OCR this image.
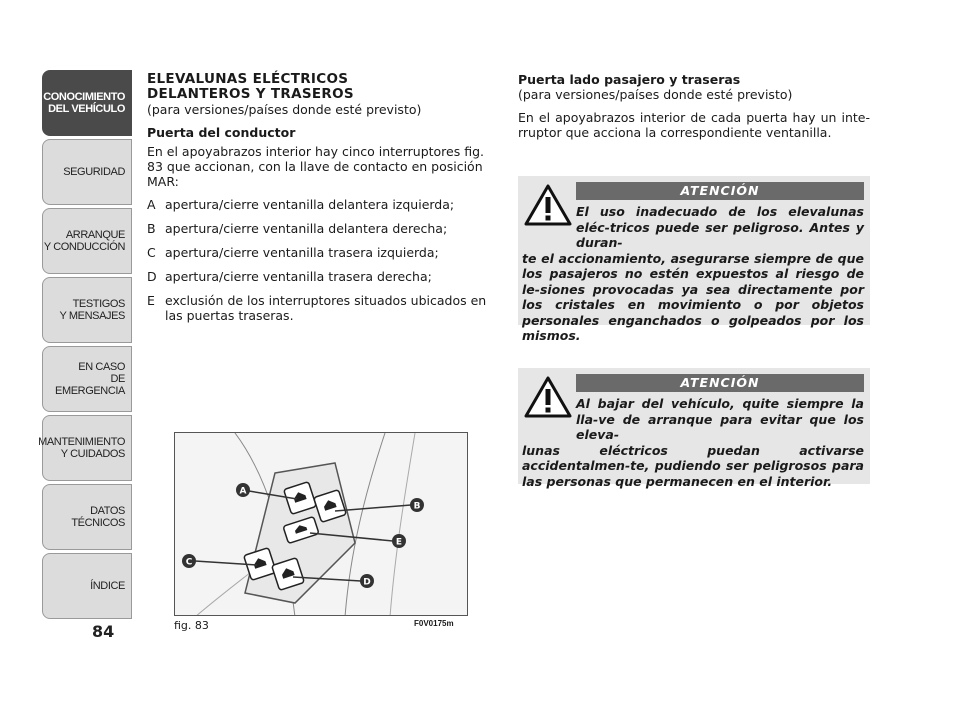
CONOCIMIENTO
DEL VEHÍCULO
SEGURIDAD
ARRANQUE
Y CONDUCCIÓN
TESTIGOS
Y MENSAJES
EN CASO
DE EMERGENCIA
MANTENIMIENTO
Y CUIDADOS
DATOS TÉCNICOS
ÍNDICE
84
ELEVALUNAS ELÉCTRICOS
DELANTEROS Y TRASEROS
(para versiones/países donde esté previsto)
Puerta del conductor
En el apoyabrazos interior hay cinco interruptores fig. 83 que accionan, con la llave de contacto en posición MAR:
A apertura/cierre ventanilla delantera izquierda;
B apertura/cierre ventanilla delantera derecha;
C apertura/cierre ventanilla trasera izquierda;
D apertura/cierre ventanilla trasera derecha;
E exclusión de los interruptores situados ubicados en las puertas traseras.
Puerta lado pasajero y traseras
(para versiones/países donde esté previsto)
En el apoyabrazos interior de cada puerta hay un inte-rruptor que acciona la correspondiente ventanilla.
ATENCIÓN
El uso inadecuado de los elevalunas eléc-tricos puede ser peligroso. Antes y duran-
te el accionamiento, asegurarse siempre de que los pasajeros no estén expuestos al riesgo de le-siones provocadas ya sea directamente por los cristales en movimiento o por objetos personales enganchados o golpeados por los mismos.
ATENCIÓN
Al bajar del vehículo, quite siempre la lla-ve de arranque para evitar que los eleva-
lunas eléctricos puedan activarse accidentalmen-te, pudiendo ser peligrosos para las personas que permanecen en el interior.
A
B
C
D
E
fig. 83	F0V0175m
